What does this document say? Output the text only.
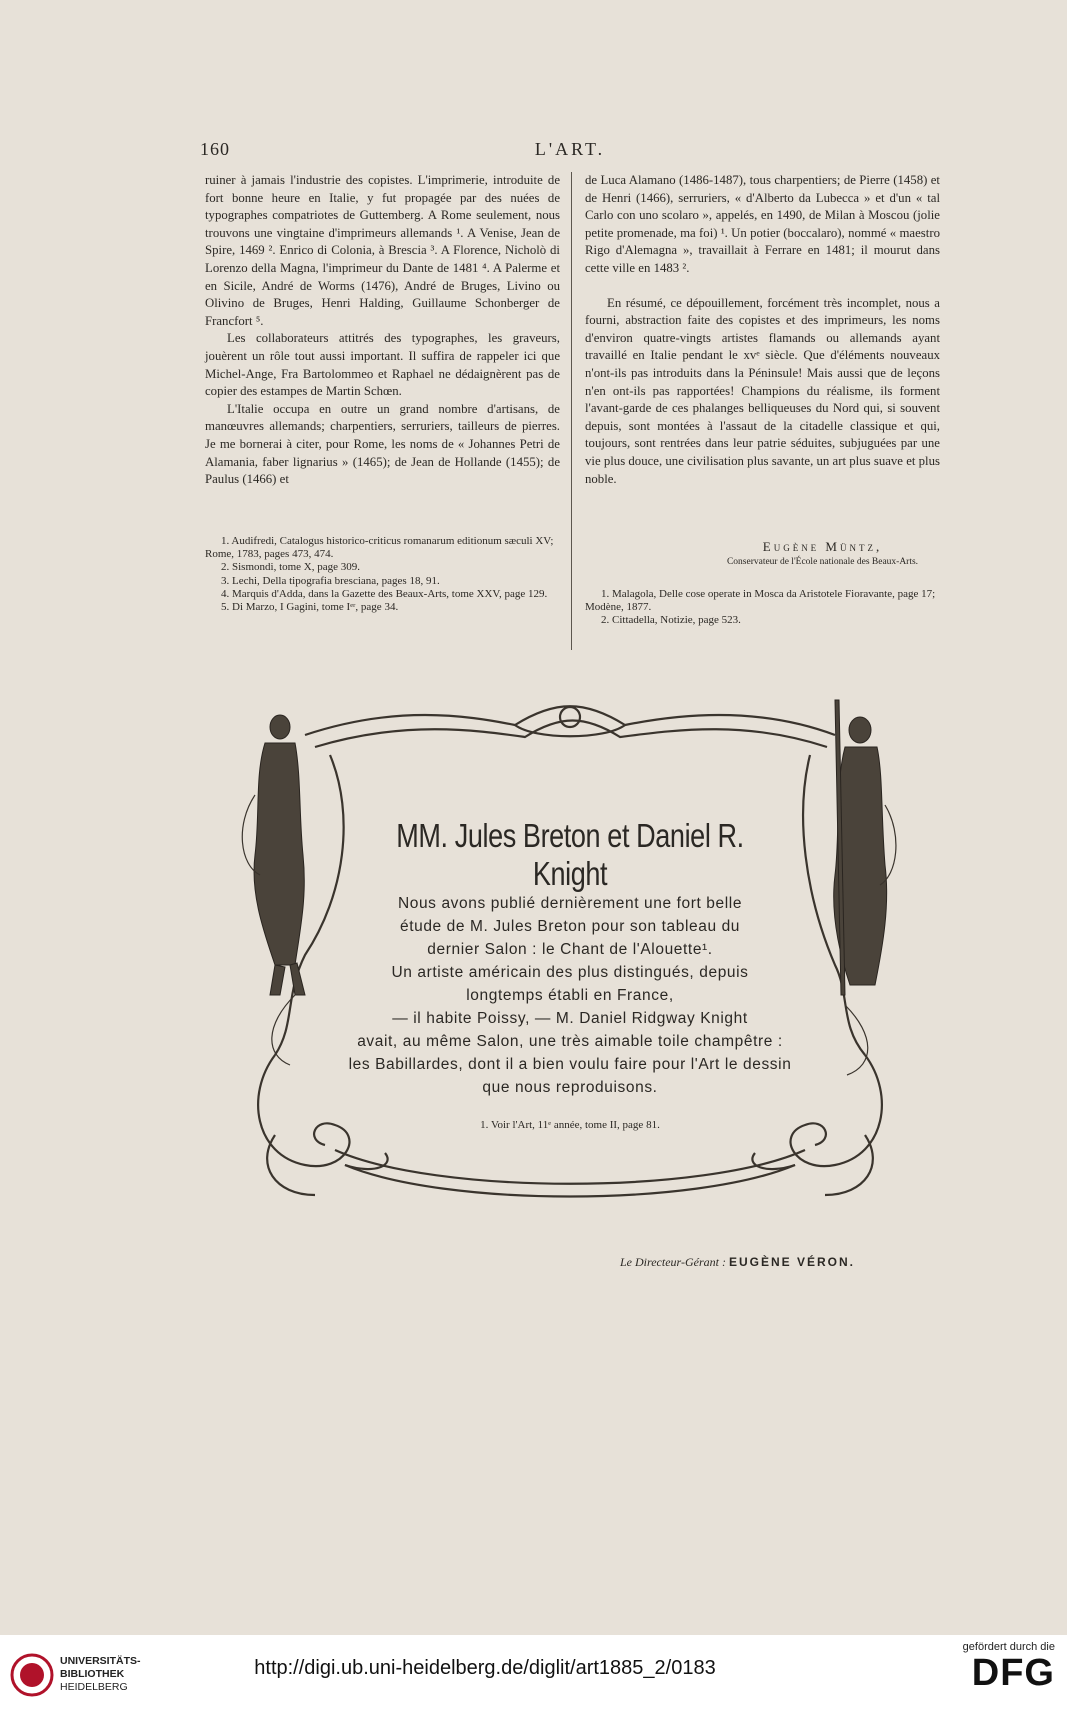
160	L'ART.

ruiner à jamais l'industrie des copistes. L'imprimerie, introduite de fort bonne heure en Italie, y fut propagée par des nuées de typographes compatriotes de Guttemberg. A Rome seulement, nous trouvons une vingtaine d'imprimeurs allemands ¹. A Venise, Jean de Spire, 1469 ². Enrico di Colonia, à Brescia ³. A Florence, Nicholò di Lorenzo della Magna, l'imprimeur du Dante de 1481 ⁴. A Palerme et en Sicile, André de Worms (1476), André de Bruges, Livino ou Olivino de Bruges, Henri Halding, Guillaume Schonberger de Francfort ⁵.

Les collaborateurs attitrés des typographes, les graveurs, jouèrent un rôle tout aussi important. Il suffira de rappeler ici que Michel-Ange, Fra Bartolommeo et Raphael ne dédaignèrent pas de copier des estampes de Martin Schœn.

L'Italie occupa en outre un grand nombre d'artisans, de manœuvres allemands; charpentiers, serruriers, tailleurs de pierres. Je me bornerai à citer, pour Rome, les noms de « Johannes Petri de Alamania, faber lignarius » (1465); de Jean de Hollande (1455); de Paulus (1466) et

1. Audifredi, Catalogus historico-criticus romanarum editionum sæculi XV; Rome, 1783, pages 473, 474.

2. Sismondi, tome X, page 309.

3. Lechi, Della tipografia bresciana, pages 18, 91.

4. Marquis d'Adda, dans la Gazette des Beaux-Arts, tome XXV, page 129.

5. Di Marzo, I Gagini, tome Iᵉʳ, page 34.

de Luca Alamano (1486-1487), tous charpentiers; de Pierre (1458) et de Henri (1466), serruriers, « d'Alberto da Lubecca » et d'un « tal Carlo con uno scolaro », appelés, en 1490, de Milan à Moscou (jolie petite promenade, ma foi) ¹. Un potier (boccalaro), nommé « maestro Rigo d'Alemagna », travaillait à Ferrare en 1481; il mourut dans cette ville en 1483 ².

En résumé, ce dépouillement, forcément très incomplet, nous a fourni, abstraction faite des copistes et des imprimeurs, les noms d'environ quatre-vingts artistes flamands ou allemands ayant travaillé en Italie pendant le xvᵉ siècle. Que d'éléments nouveaux n'ont-ils pas introduits dans la Péninsule! Mais aussi que de leçons n'en ont-ils pas rapportées! Champions du réalisme, ils forment l'avant-garde de ces phalanges belliqueuses du Nord qui, si souvent depuis, sont montées à l'assaut de la citadelle classique et qui, toujours, sont rentrées dans leur patrie séduites, subjuguées par une vie plus douce, une civilisation plus savante, un art plus suave et plus noble.

Eugène Müntz,
Conservateur de l'École nationale des Beaux-Arts.

1. Malagola, Delle cose operate in Mosca da Aristotele Fioravante, page 17; Modène, 1877.

2. Cittadella, Notizie, page 523.

MM. Jules Breton et Daniel R. Knight
Nous avons publié dernièrement une fort belle
étude de M. Jules Breton pour son tableau du
dernier Salon : le Chant de l'Alouette¹.
Un artiste américain des plus distingués, depuis
longtemps établi en France,
— il habite Poissy, — M. Daniel Ridgway Knight
avait, au même Salon, une très aimable toile champêtre :
les Babillardes, dont il a bien voulu faire pour l'Art le dessin
que nous reproduisons.
1. Voir l'Art, 11ᵉ année, tome II, page 81.
Le Directeur-Gérant : EUGÈNE VÉRON.
UNIVERSITÄTS-
BIBLIOTHEK
HEIDELBERG
http://digi.ub.uni-heidelberg.de/diglit/art1885_2/0183
gefördert durch die
DFG
